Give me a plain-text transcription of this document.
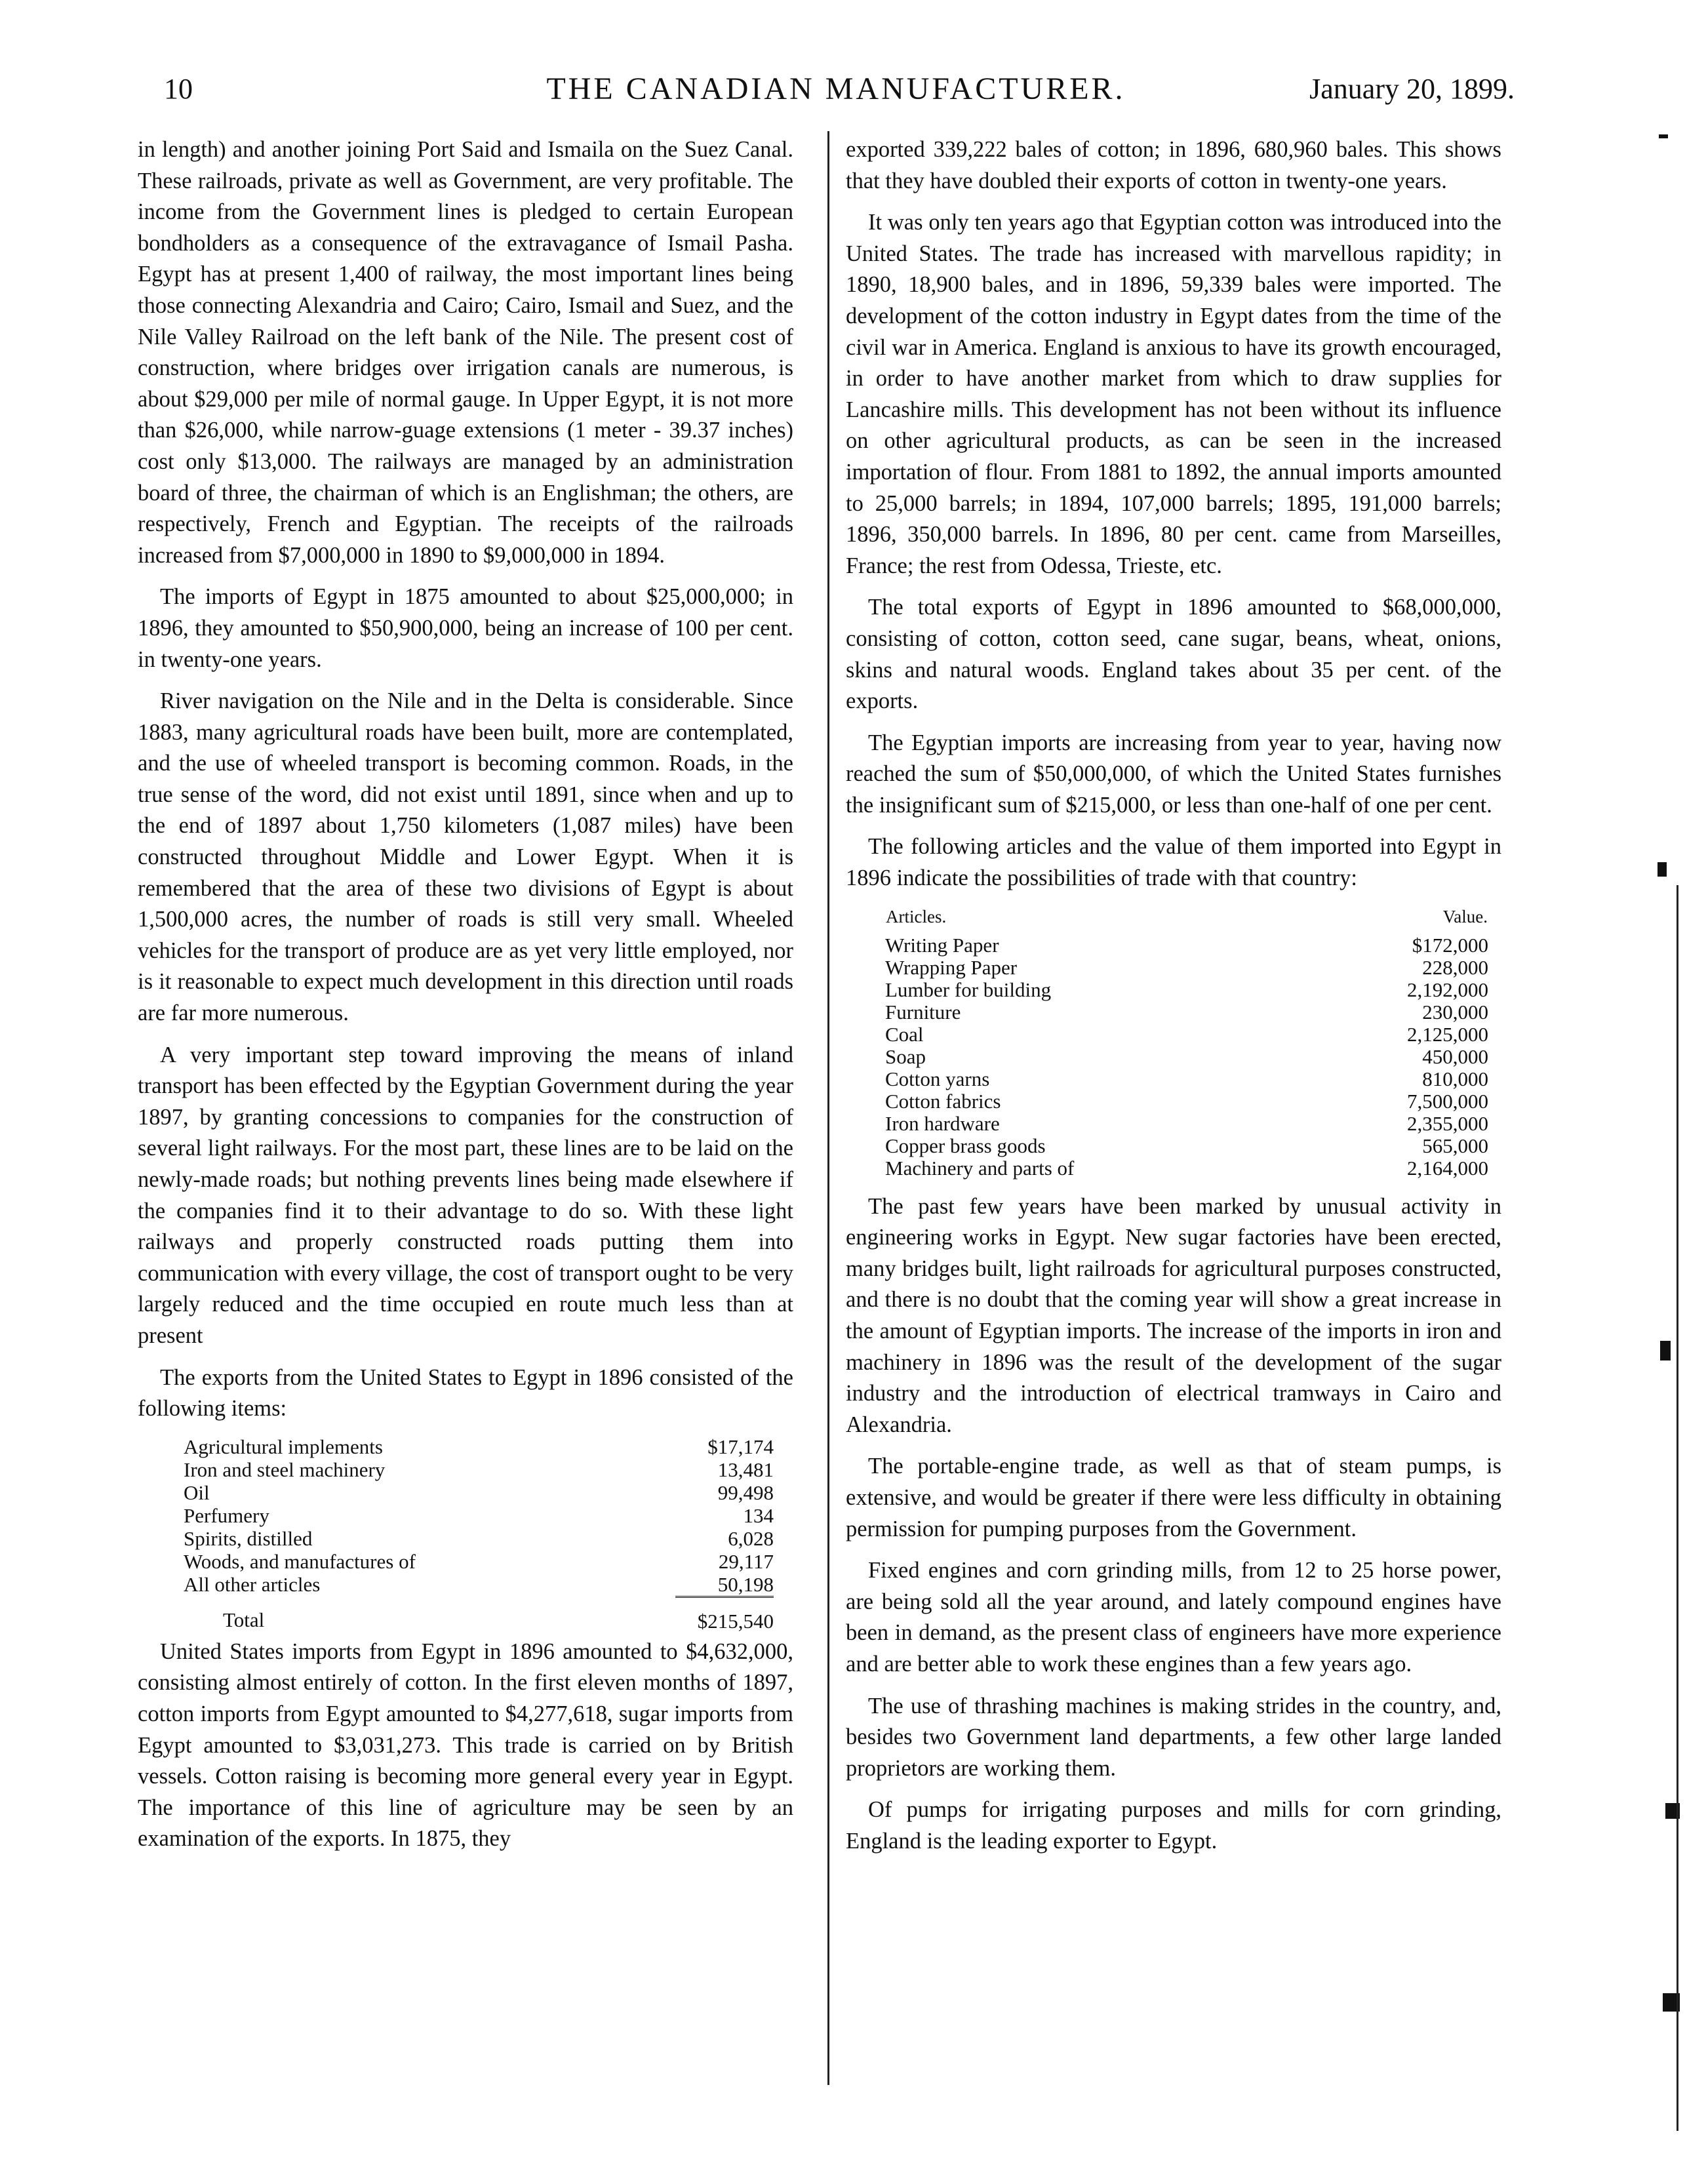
10	THE CANADIAN MANUFACTURER.	January 20, 1899.

in length) and another joining Port Said and Ismaila on the Suez Canal. These railroads, private as well as Government, are very profitable. The income from the Government lines is pledged to certain European bondholders as a consequence of the extravagance of Ismail Pasha. Egypt has at present 1,400 of railway, the most important lines being those connecting Alexandria and Cairo; Cairo, Ismail and Suez, and the Nile Valley Railroad on the left bank of the Nile. The present cost of construction, where bridges over irrigation canals are numerous, is about $29,000 per mile of normal gauge. In Upper Egypt, it is not more than $26,000, while narrow-guage extensions (1 meter - 39.37 inches) cost only $13,000. The railways are managed by an administration board of three, the chairman of which is an Englishman; the others, are respectively, French and Egyptian. The receipts of the railroads increased from $7,000,000 in 1890 to $9,000,000 in 1894.

The imports of Egypt in 1875 amounted to about $25,000,000; in 1896, they amounted to $50,900,000, being an increase of 100 per cent. in twenty-one years.

River navigation on the Nile and in the Delta is considerable. Since 1883, many agricultural roads have been built, more are contemplated, and the use of wheeled transport is becoming common. Roads, in the true sense of the word, did not exist until 1891, since when and up to the end of 1897 about 1,750 kilometers (1,087 miles) have been constructed throughout Middle and Lower Egypt. When it is remembered that the area of these two divisions of Egypt is about 1,500,000 acres, the number of roads is still very small. Wheeled vehicles for the transport of produce are as yet very little employed, nor is it reasonable to expect much development in this direction until roads are far more numerous.

A very important step toward improving the means of inland transport has been effected by the Egyptian Government during the year 1897, by granting concessions to companies for the construction of several light railways. For the most part, these lines are to be laid on the newly-made roads; but nothing prevents lines being made elsewhere if the companies find it to their advantage to do so. With these light railways and properly constructed roads putting them into communication with every village, the cost of transport ought to be very largely reduced and the time occupied en route much less than at present

The exports from the United States to Egypt in 1896 consisted of the following items:

Agricultural implements	$17,174
Iron and steel machinery	13,481
Oil	99,498
Perfumery	134
Spirits, distilled	6,028
Woods, and manufactures of	29,117
All other articles	50,198
Total	$215,540

United States imports from Egypt in 1896 amounted to $4,632,000, consisting almost entirely of cotton. In the first eleven months of 1897, cotton imports from Egypt amounted to $4,277,618, sugar imports from Egypt amounted to $3,031,273. This trade is carried on by British vessels. Cotton raising is becoming more general every year in Egypt. The importance of this line of agriculture may be seen by an examination of the exports. In 1875, they

exported 339,222 bales of cotton; in 1896, 680,960 bales. This shows that they have doubled their exports of cotton in twenty-one years.

It was only ten years ago that Egyptian cotton was introduced into the United States. The trade has increased with marvellous rapidity; in 1890, 18,900 bales, and in 1896, 59,339 bales were imported. The development of the cotton industry in Egypt dates from the time of the civil war in America. England is anxious to have its growth encouraged, in order to have another market from which to draw supplies for Lancashire mills. This development has not been without its influence on other agricultural products, as can be seen in the increased importation of flour. From 1881 to 1892, the annual imports amounted to 25,000 barrels; in 1894, 107,000 barrels; 1895, 191,000 barrels; 1896, 350,000 barrels. In 1896, 80 per cent. came from Marseilles, France; the rest from Odessa, Trieste, etc.

The total exports of Egypt in 1896 amounted to $68,000,000, consisting of cotton, cotton seed, cane sugar, beans, wheat, onions, skins and natural woods. England takes about 35 per cent. of the exports.

The Egyptian imports are increasing from year to year, having now reached the sum of $50,000,000, of which the United States furnishes the insignificant sum of $215,000, or less than one-half of one per cent.

The following articles and the value of them imported into Egypt in 1896 indicate the possibilities of trade with that country:

Articles.	Value.
Writing Paper	$172,000
Wrapping Paper	228,000
Lumber for building	2,192,000
Furniture	230,000
Coal	2,125,000
Soap	450,000
Cotton yarns	810,000
Cotton fabrics	7,500,000
Iron hardware	2,355,000
Copper brass goods	565,000
Machinery and parts of	2,164,000

The past few years have been marked by unusual activity in engineering works in Egypt. New sugar factories have been erected, many bridges built, light railroads for agricultural purposes constructed, and there is no doubt that the coming year will show a great increase in the amount of Egyptian imports. The increase of the imports in iron and machinery in 1896 was the result of the development of the sugar industry and the introduction of electrical tramways in Cairo and Alexandria.

The portable-engine trade, as well as that of steam pumps, is extensive, and would be greater if there were less difficulty in obtaining permission for pumping purposes from the Government.

Fixed engines and corn grinding mills, from 12 to 25 horse power, are being sold all the year around, and lately compound engines have been in demand, as the present class of engineers have more experience and are better able to work these engines than a few years ago.

The use of thrashing machines is making strides in the country, and, besides two Government land departments, a few other large landed proprietors are working them.

Of pumps for irrigating purposes and mills for corn grinding, England is the leading exporter to Egypt.
